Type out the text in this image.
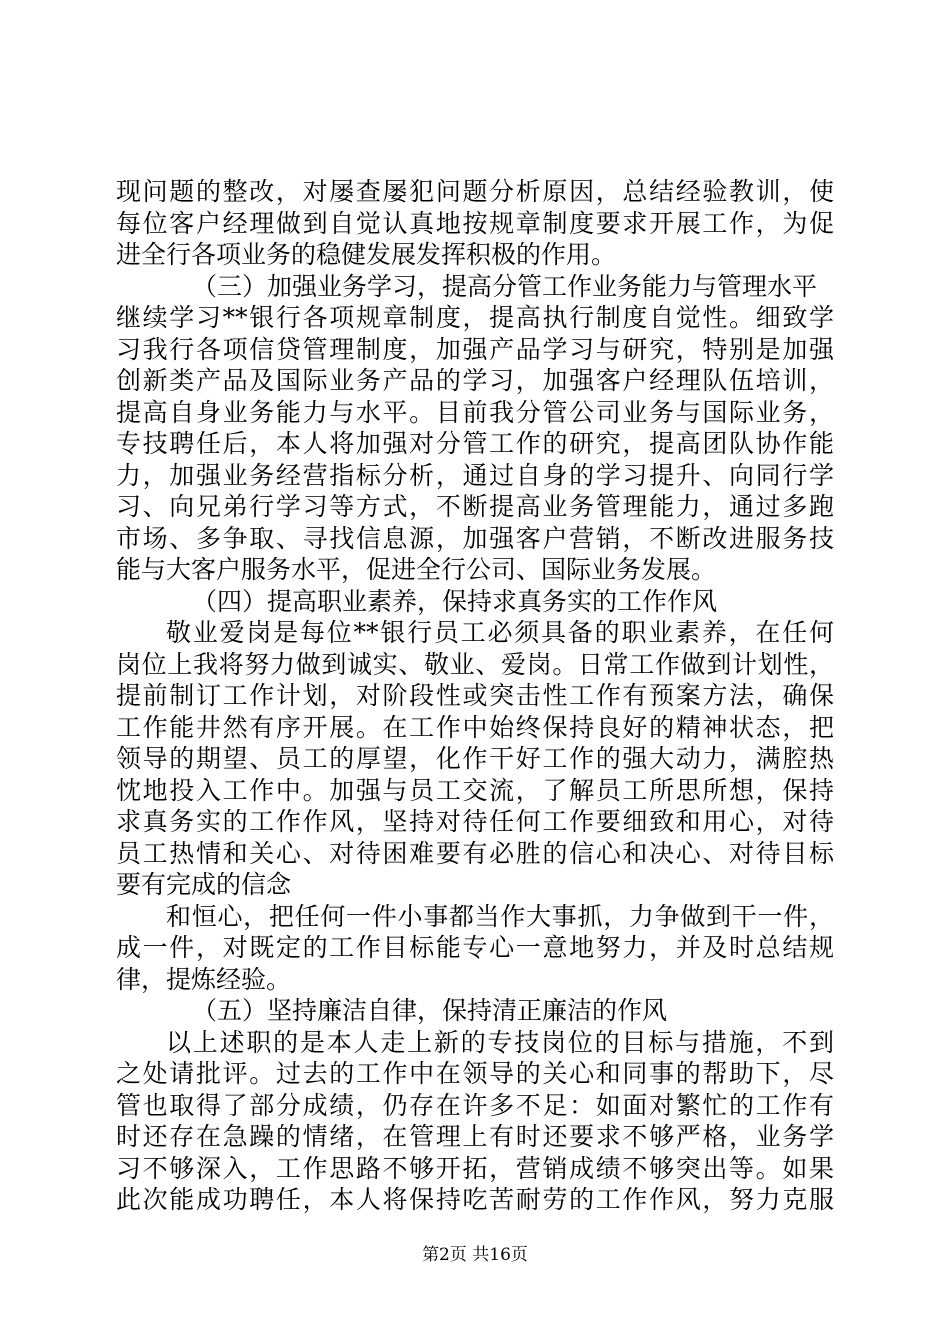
现问题的整改，对屡查屡犯问题分析原因，总结经验教训，使
每位客户经理做到自觉认真地按规章制度要求开展工作，为促
进全行各项业务的稳健发展发挥积极的作用。
（三）加强业务学习，提高分管工作业务能力与管理水平
继续学习**银行各项规章制度，提高执行制度自觉性。细致学
习我行各项信贷管理制度，加强产品学习与研究，特别是加强
创新类产品及国际业务产品的学习，加强客户经理队伍培训，
提高自身业务能力与水平。目前我分管公司业务与国际业务，
专技聘任后，本人将加强对分管工作的研究，提高团队协作能
力，加强业务经营指标分析，通过自身的学习提升、向同行学
习、向兄弟行学习等方式，不断提高业务管理能力，通过多跑
市场、多争取、寻找信息源，加强客户营销，不断改进服务技
能与大客户服务水平，促进全行公司、国际业务发展。
（四）提高职业素养，保持求真务实的工作作风
敬业爱岗是每位**银行员工必须具备的职业素养，在任何
岗位上我将努力做到诚实、敬业、爱岗。日常工作做到计划性，
提前制订工作计划，对阶段性或突击性工作有预案方法，确保
工作能井然有序开展。在工作中始终保持良好的精神状态，把
领导的期望、员工的厚望，化作干好工作的强大动力，满腔热
忱地投入工作中。加强与员工交流，了解员工所思所想，保持
求真务实的工作作风，坚持对待任何工作要细致和用心，对待
员工热情和关心、对待困难要有必胜的信心和决心、对待目标
要有完成的信念
和恒心，把任何一件小事都当作大事抓，力争做到干一件，
成一件，对既定的工作目标能专心一意地努力，并及时总结规
律，提炼经验。
（五）坚持廉洁自律，保持清正廉洁的作风
以上述职的是本人走上新的专技岗位的目标与措施，不到
之处请批评。过去的工作中在领导的关心和同事的帮助下，尽
管也取得了部分成绩，仍存在许多不足：如面对繁忙的工作有
时还存在急躁的情绪，在管理上有时还要求不够严格，业务学
习不够深入，工作思路不够开拓，营销成绩不够突出等。如果
此次能成功聘任，本人将保持吃苦耐劳的工作作风，努力克服
第2页 共16页
